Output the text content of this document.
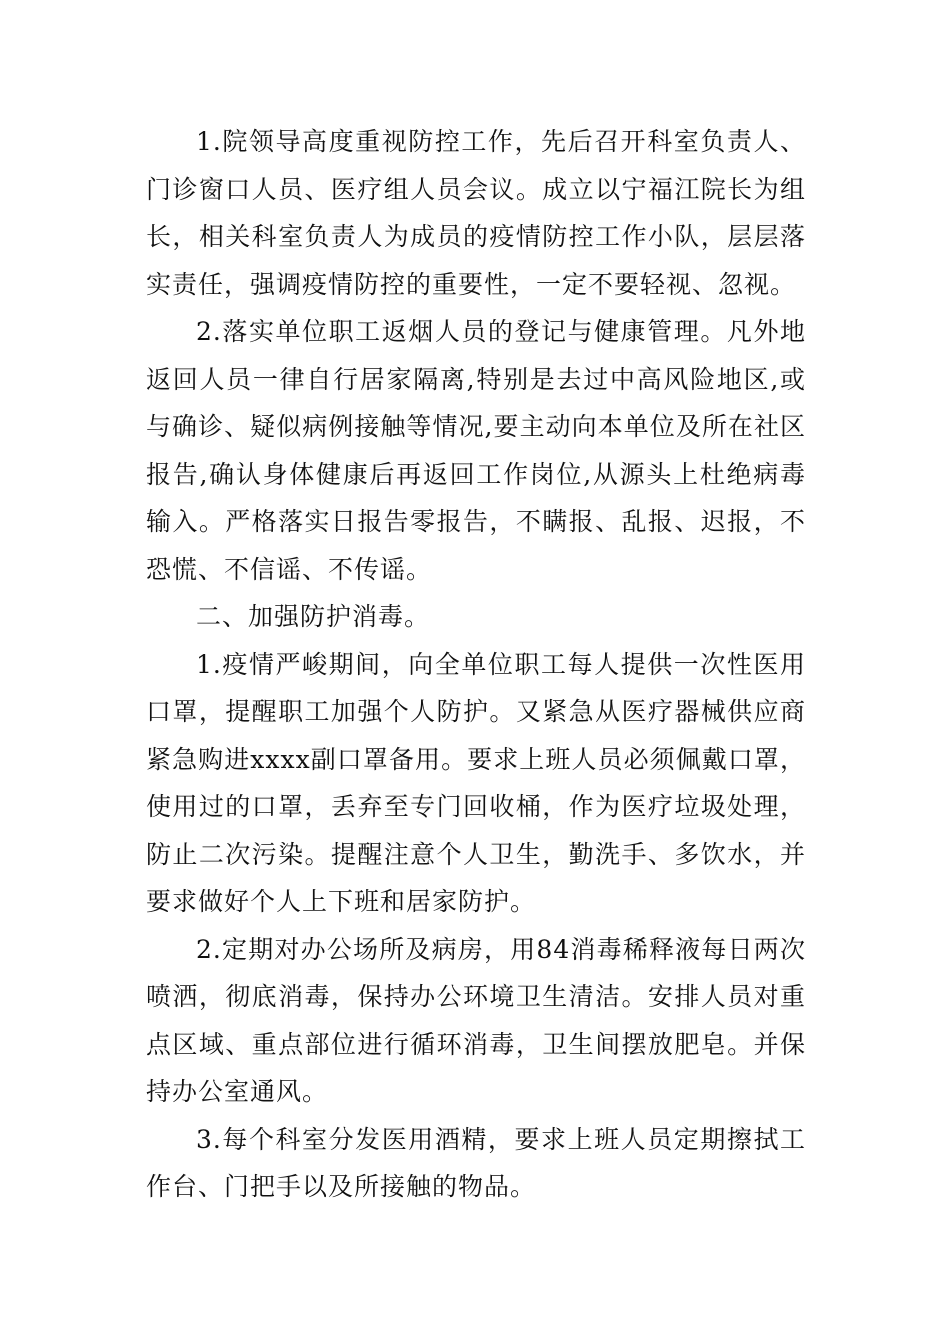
1.院领导高度重视防控工作，先后召开科室负责人、门诊窗口人员、医疗组人员会议。成立以宁福江院长为组长，相关科室负责人为成员的疫情防控工作小队，层层落实责任，强调疫情防控的重要性，一定不要轻视、忽视。

2.落实单位职工返烟人员的登记与健康管理。凡外地返回人员一律自行居家隔离,特别是去过中高风险地区,或与确诊、疑似病例接触等情况,要主动向本单位及所在社区报告,确认身体健康后再返回工作岗位,从源头上杜绝病毒输入。严格落实日报告零报告，不瞒报、乱报、迟报，不恐慌、不信谣、不传谣。

二、加强防护消毒。

1.疫情严峻期间，向全单位职工每人提供一次性医用口罩，提醒职工加强个人防护。又紧急从医疗器械供应商紧急购进xxxx副口罩备用。要求上班人员必须佩戴口罩，使用过的口罩，丢弃至专门回收桶，作为医疗垃圾处理，防止二次污染。提醒注意个人卫生，勤洗手、多饮水，并要求做好个人上下班和居家防护。

2.定期对办公场所及病房，用84消毒稀释液每日两次喷洒，彻底消毒，保持办公环境卫生清洁。安排人员对重点区域、重点部位进行循环消毒，卫生间摆放肥皂。并保持办公室通风。

3.每个科室分发医用酒精，要求上班人员定期擦拭工作台、门把手以及所接触的物品。
